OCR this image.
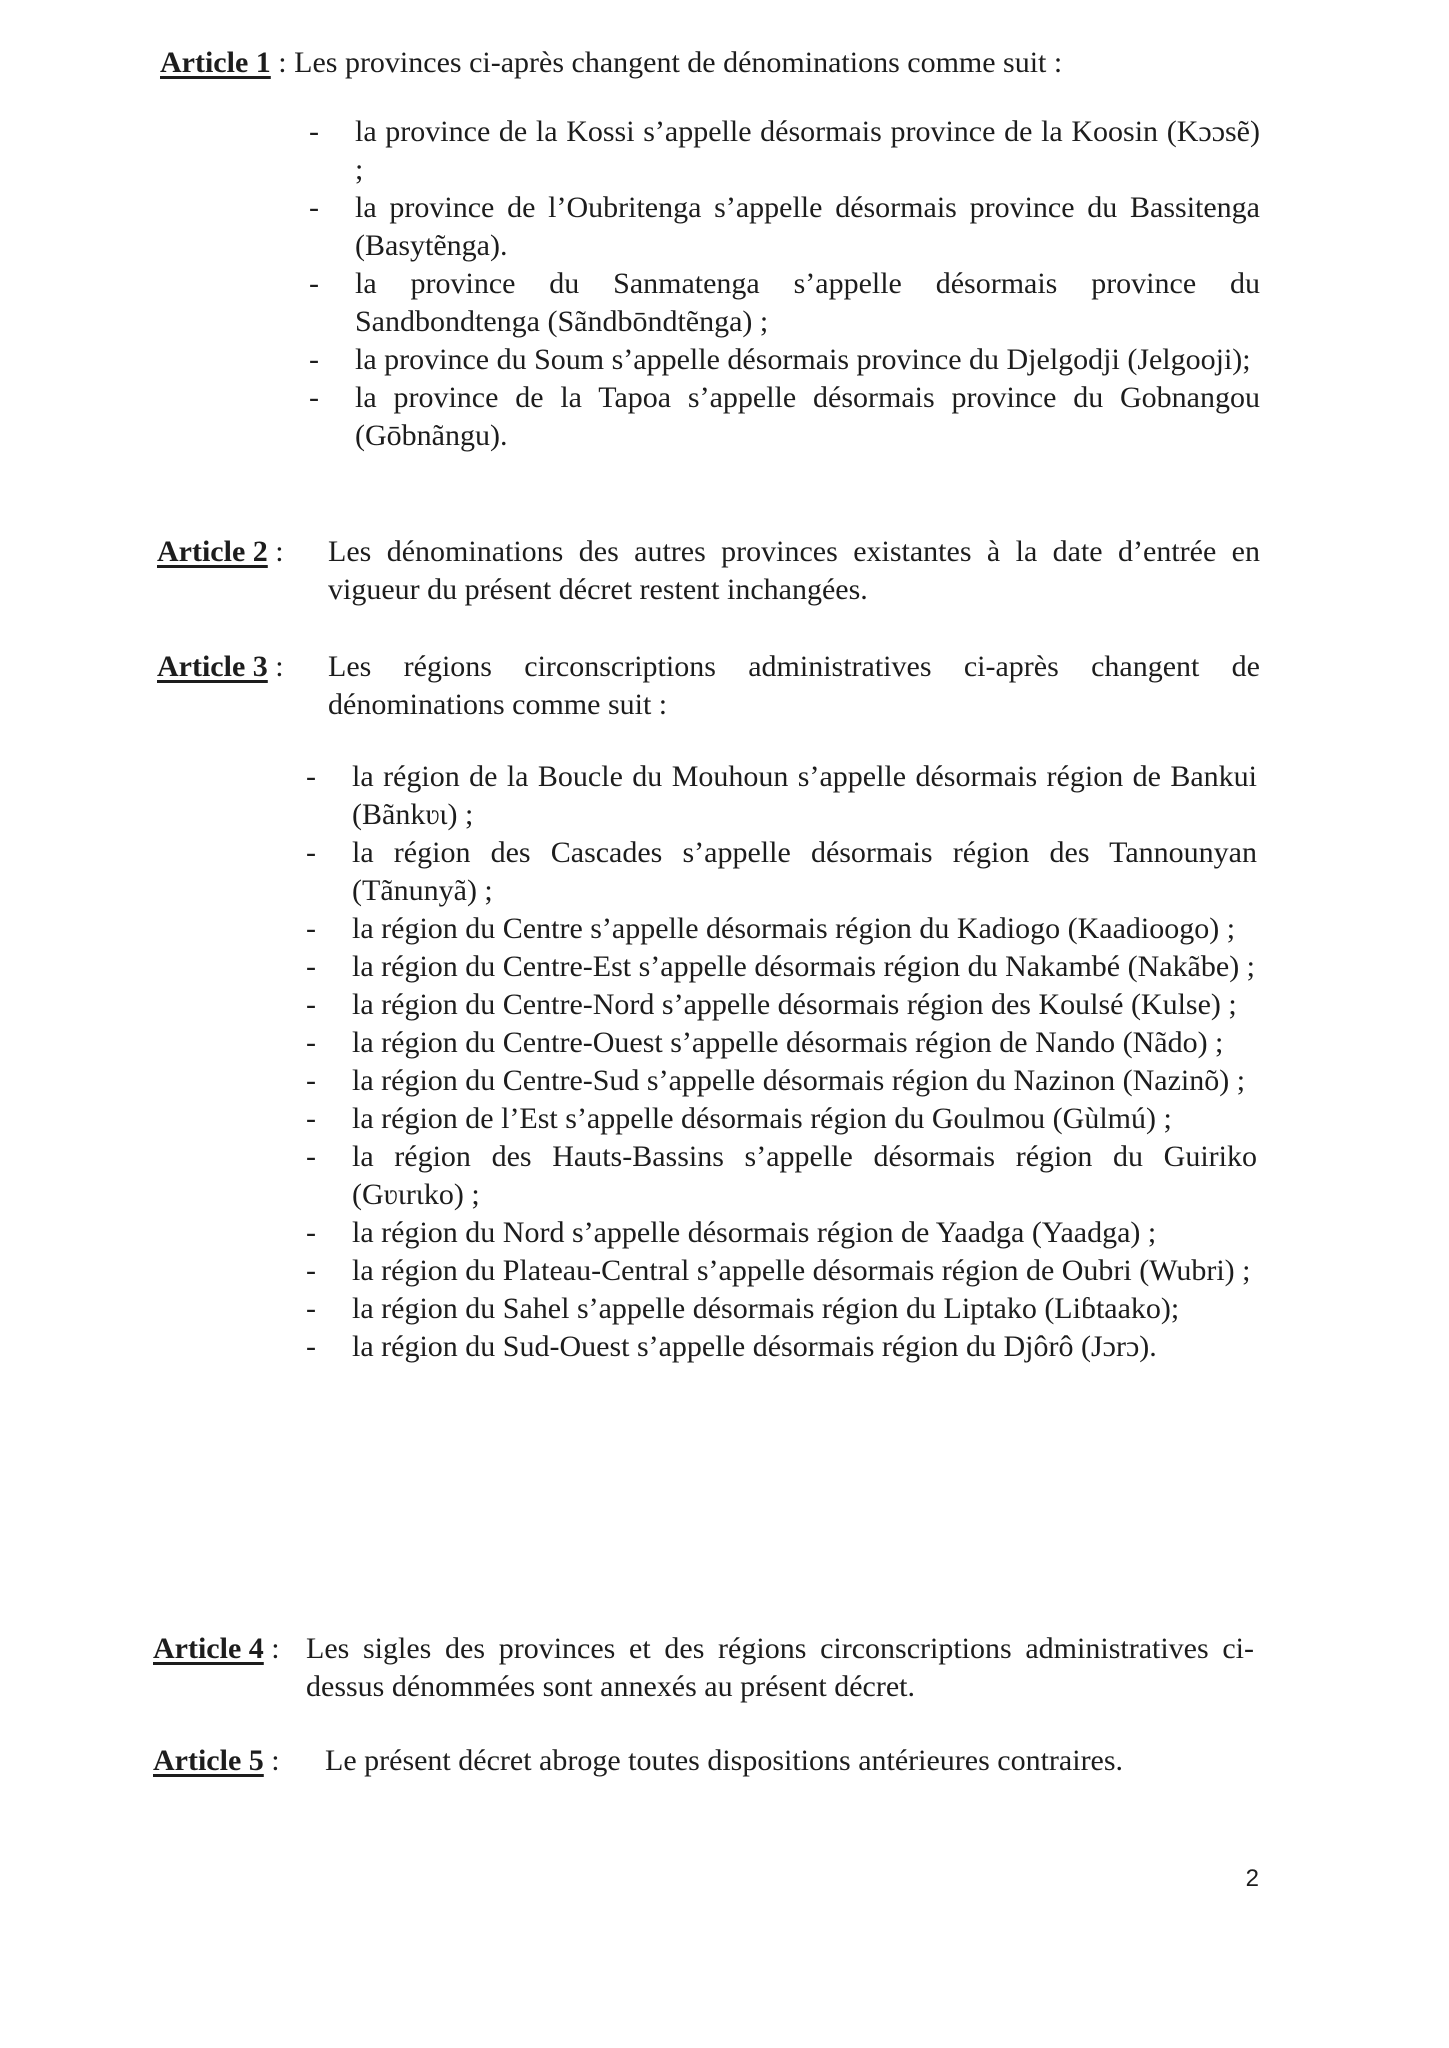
Article 1 : Les provinces ci-après changent de dénominations comme suit :
- la province de la Kossi s’appelle désormais province de la Koosin (Kɔɔsẽ) ;
- la province de l’Oubritenga s’appelle désormais province du Bassitenga (Basytẽnga).
- la province du Sanmatenga s’appelle désormais province du Sandbondtenga (Sãndbōndtẽnga) ;
- la province du Soum s’appelle désormais province du Djelgodji (Jelgooji);
- la province de la Tapoa s’appelle désormais province du Gobnangou (Gōbnãngu).
Article 2 : Les dénominations des autres provinces existantes à la date d’entrée en vigueur du présent décret restent inchangées.
Article 3 : Les régions circonscriptions administratives ci-après changent de dénominations comme suit :
- la région de la Boucle du Mouhoun s’appelle désormais région de Bankui (Bãnkʋɩ) ;
- la région des Cascades s’appelle désormais région des Tannounyan (Tãnunyã) ;
- la région du Centre s’appelle désormais région du Kadiogo (Kaadioogo) ;
- la région du Centre-Est s’appelle désormais région du Nakambé (Nakãbe) ;
- la région du Centre-Nord s’appelle désormais région des Koulsé (Kulse) ;
- la région du Centre-Ouest s’appelle désormais région de Nando (Nãdo) ;
- la région du Centre-Sud s’appelle désormais région du Nazinon (Nazinõ) ;
- la région de l’Est s’appelle désormais région du Goulmou (Gùlmú) ;
- la région des Hauts-Bassins s’appelle désormais région du Guiriko (Gʋɩrɩko) ;
- la région du Nord s’appelle désormais région de Yaadga (Yaadga) ;
- la région du Plateau-Central s’appelle désormais région de Oubri (Wubri) ;
- la région du Sahel s’appelle désormais région du Liptako (Liɓtaako);
- la région du Sud-Ouest s’appelle désormais région du Djôrô (Jɔrɔ).
Article 4 : Les sigles des provinces et des régions circonscriptions administratives ci-dessus dénommées sont annexés au présent décret.
Article 5 : Le présent décret abroge toutes dispositions antérieures contraires.
2
